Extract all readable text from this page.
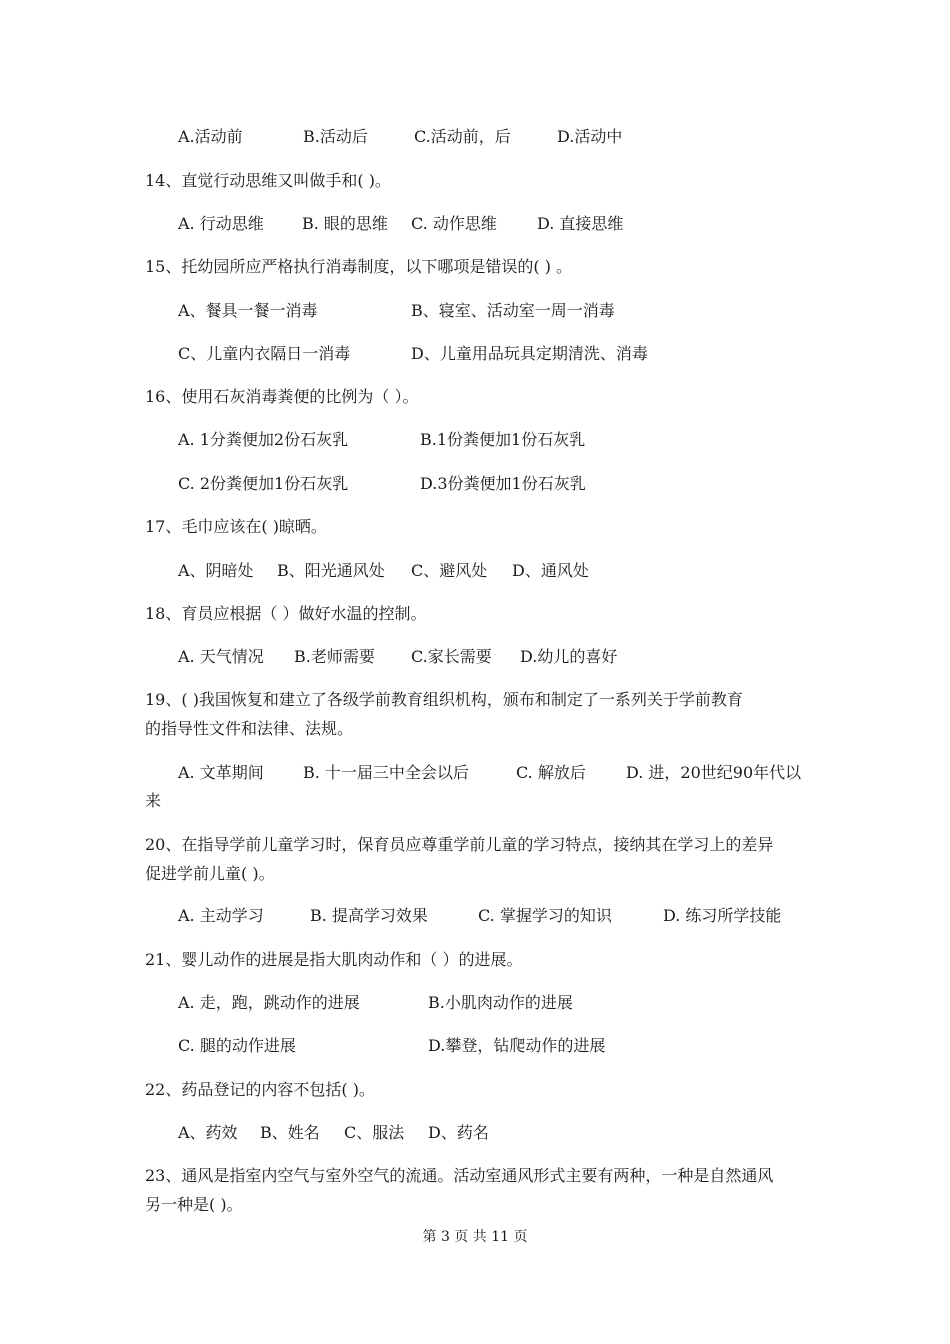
A.活动前	B.活动后	C.活动前，后	D.活动中
14、直觉行动思维又叫做手和( )。
A. 行动思维 B. 眼的思维 C. 动作思维	D. 直接思维
15、托幼园所应严格执行消毒制度，以下哪项是错误的( ) 。
A、餐具一餐一消毒	B、寝室、活动室一周一消毒
C、儿童内衣隔日一消毒	D、儿童用品玩具定期清洗、消毒
16、使用石灰消毒粪便的比例为（ ）。
A. 1分粪便加2份石灰乳	B.1份粪便加1份石灰乳
C. 2份粪便加1份石灰乳	D.3份粪便加1份石灰乳
17、毛巾应该在( )晾晒。
A、阴暗处 B、阳光通风处 C、避风处 D、通风处
18、育员应根据（ ）做好水温的控制。
A. 天气情况 B.老师需要 C.家长需要 D.幼儿的喜好
19、( )我国恢复和建立了各级学前教育组织机构，颁布和制定了一系列关于学前教育
的指导性文件和法律、法规。
A. 文革期间 B. 十一届三中全会以后	C. 解放后	D. 进，20世纪90年代以
来
20、在指导学前儿童学习时，保育员应尊重学前儿童的学习特点，接纳其在学习上的差异
促进学前儿童( )。
A. 主动学习	B. 提高学习效果	C. 掌握学习的知识	D. 练习所学技能
21、婴儿动作的进展是指大肌肉动作和（ ）的进展。
A. 走，跑，跳动作的进展	B.小肌肉动作的进展
C. 腿的动作进展	D.攀登，钻爬动作的进展
22、药品登记的内容不包括( )。
A、药效 B、姓名 C、服法 D、药名
23、通风是指室内空气与室外空气的流通。活动室通风形式主要有两种，一种是自然通风
另一种是( )。
第 3 页 共 11 页
